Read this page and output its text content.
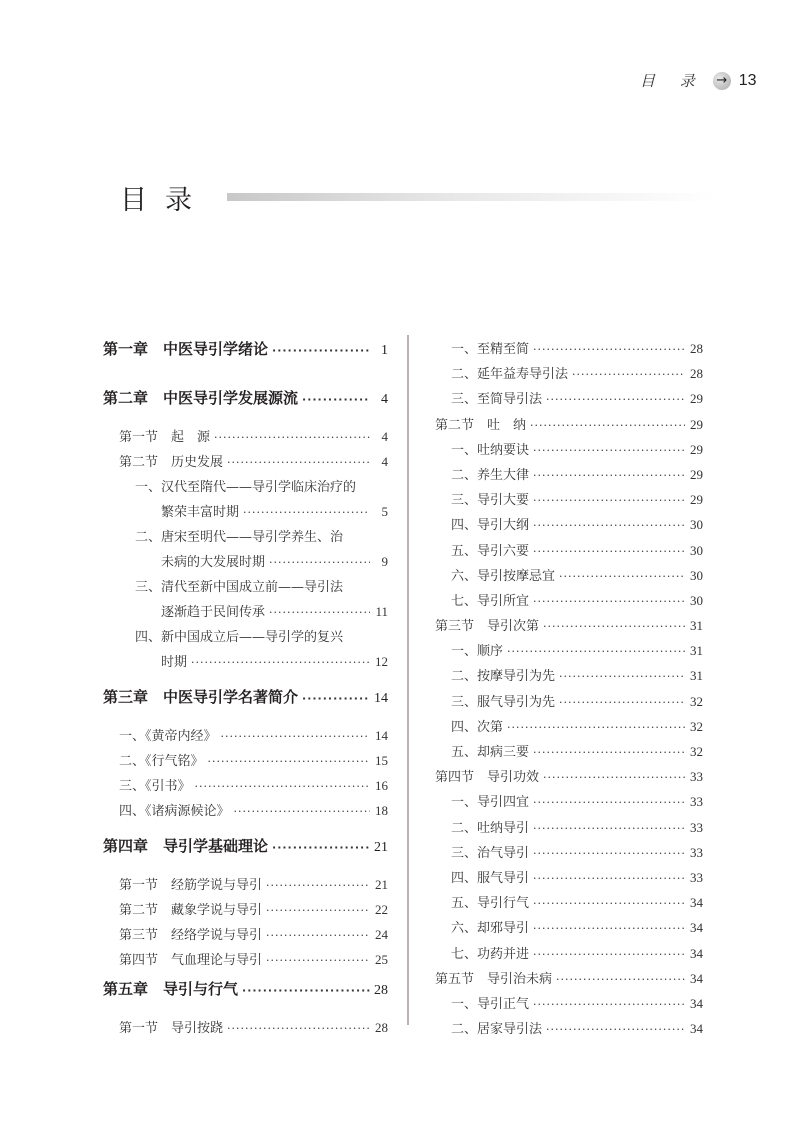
目 录 → 13
目录
第一章　中医导引学绪论 ·····	1
第二章　中医导引学发展源流 ·····	4
第一节　起　源 ·····	4
第二节　历史发展 ·····	4
一、汉代至隋代——导引学临床治疗的
繁荣丰富时期 ·····	5
二、唐宋至明代——导引学养生、治
未病的大发展时期 ·····	9
三、清代至新中国成立前——导引法
逐渐趋于民间传承 ·····	11
四、新中国成立后——导引学的复兴
时期 ·····	12
第三章　中医导引学名著简介 ·····	14
一、《黄帝内经》 ·····	14
二、《行气铭》 ·····	15
三、《引书》 ·····	16
四、《诸病源候论》 ·····	18
第四章　导引学基础理论 ·····	21
第一节　经筋学说与导引 ·····	21
第二节　藏象学说与导引 ·····	22
第三节　经络学说与导引 ·····	24
第四节　气血理论与导引 ·····	25
第五章　导引与行气 ·····	28
第一节　导引按跷 ·····	28
一、至精至简 ·····	28
二、延年益寿导引法 ·····	28
三、至简导引法 ·····	29
第二节　吐　纳 ·····	29
一、吐纳要诀 ·····	29
二、养生大律 ·····	29
三、导引大要 ·····	29
四、导引大纲 ·····	30
五、导引六要 ·····	30
六、导引按摩忌宜 ·····	30
七、导引所宜 ·····	30
第三节　导引次第 ·····	31
一、顺序 ·····	31
二、按摩导引为先 ·····	31
三、服气导引为先 ·····	32
四、次第 ·····	32
五、却病三要 ·····	32
第四节　导引功效 ·····	33
一、导引四宜 ·····	33
二、吐纳导引 ·····	33
三、治气导引 ·····	33
四、服气导引 ·····	33
五、导引行气 ·····	34
六、却邪导引 ·····	34
七、功药并进 ·····	34
第五节　导引治未病 ·····	34
一、导引正气 ·····	34
二、居家导引法 ·····	34
